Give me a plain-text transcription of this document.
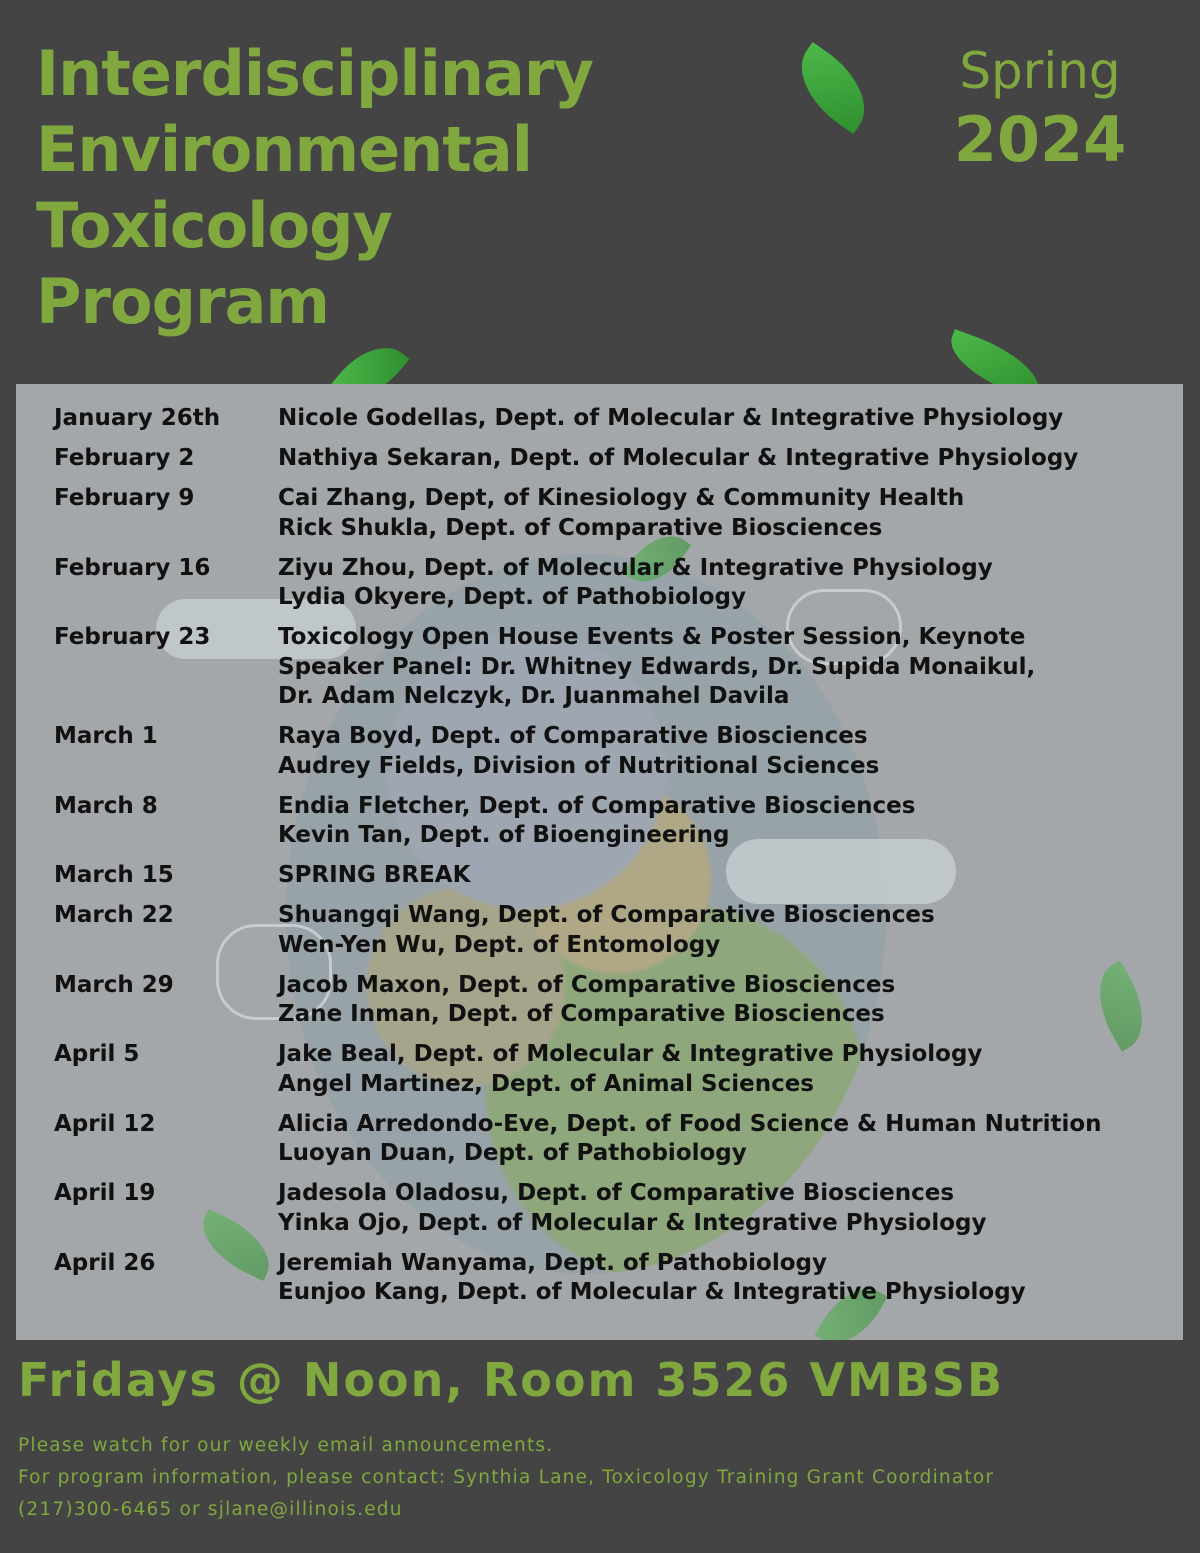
Interdisciplinary
Environmental
Toxicology
Program
Spring
2024
January 26th	Nicole Godellas, Dept. of Molecular & Integrative Physiology
February 2	Nathiya Sekaran, Dept. of Molecular & Integrative Physiology
February 9	Cai Zhang, Dept, of Kinesiology & Community Health
Rick Shukla, Dept. of Comparative Biosciences
February 16	Ziyu Zhou, Dept. of Molecular & Integrative Physiology
Lydia Okyere, Dept. of Pathobiology
February 23	Toxicology Open House Events & Poster Session, Keynote
Speaker Panel: Dr. Whitney Edwards, Dr. Supida Monaikul,
Dr. Adam Nelczyk, Dr. Juanmahel Davila
March 1	Raya Boyd, Dept. of Comparative Biosciences
Audrey Fields, Division of Nutritional Sciences
March 8	Endia Fletcher, Dept. of Comparative Biosciences
Kevin Tan, Dept. of Bioengineering
March 15	SPRING BREAK
March 22	Shuangqi Wang, Dept. of Comparative Biosciences
Wen-Yen Wu, Dept. of Entomology
March 29	Jacob Maxon, Dept. of Comparative Biosciences
Zane Inman, Dept. of Comparative Biosciences
April 5	Jake Beal, Dept. of Molecular & Integrative Physiology
Angel Martinez, Dept. of Animal Sciences
April 12	Alicia Arredondo-Eve, Dept. of Food Science & Human Nutrition
Luoyan Duan, Dept. of Pathobiology
April 19	Jadesola Oladosu, Dept. of Comparative Biosciences
Yinka Ojo, Dept. of Molecular & Integrative Physiology
April 26	Jeremiah Wanyama, Dept. of Pathobiology
Eunjoo Kang, Dept. of Molecular & Integrative Physiology
Fridays @ Noon, Room 3526 VMBSB
Please watch for our weekly email announcements.
For program information, please contact: Synthia Lane, Toxicology Training Grant Coordinator
(217)300-6465 or sjlane@illinois.edu
